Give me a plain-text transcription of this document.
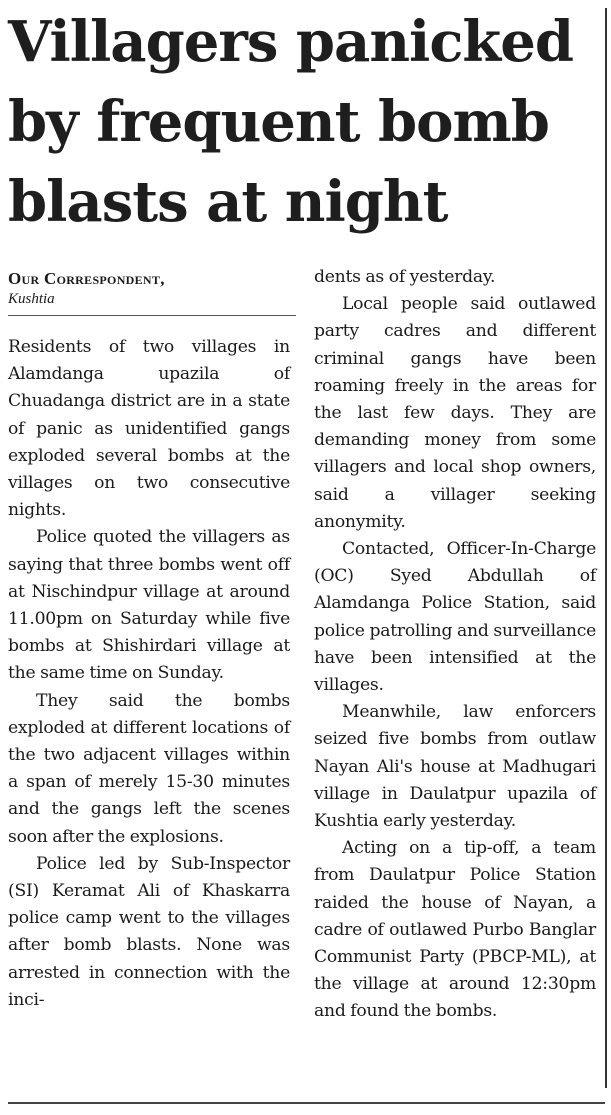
Villagers panicked by frequent bomb blasts at night
Our Correspondent,
Kushtia

Residents of two villages in Alamdanga upazila of Chuadanga district are in a state of panic as unidentified gangs exploded several bombs at the villages on two consecutive nights.

Police quoted the villagers as saying that three bombs went off at Nischindpur village at around 11.00pm on Saturday while five bombs at Shishirdari village at the same time on Sunday.

They said the bombs exploded at different locations of the two adjacent villages within a span of merely 15-30 minutes and the gangs left the scenes soon after the explosions.

Police led by Sub-Inspector (SI) Keramat Ali of Khaskarra police camp went to the villages after bomb blasts. None was arrested in connection with the inci-

dents as of yesterday.

Local people said outlawed party cadres and different criminal gangs have been roaming freely in the areas for the last few days. They are demanding money from some villagers and local shop owners, said a villager seeking anonymity.

Contacted, Officer-In-Charge (OC) Syed Abdullah of Alamdanga Police Station, said police patrolling and surveillance have been intensified at the villages.

Meanwhile, law enforcers seized five bombs from outlaw Nayan Ali's house at Madhugari village in Daulatpur upazila of Kushtia early yesterday.

Acting on a tip-off, a team from Daulatpur Police Station raided the house of Nayan, a cadre of outlawed Purbo Banglar Communist Party (PBCP-ML), at the village at around 12:30pm and found the bombs.
